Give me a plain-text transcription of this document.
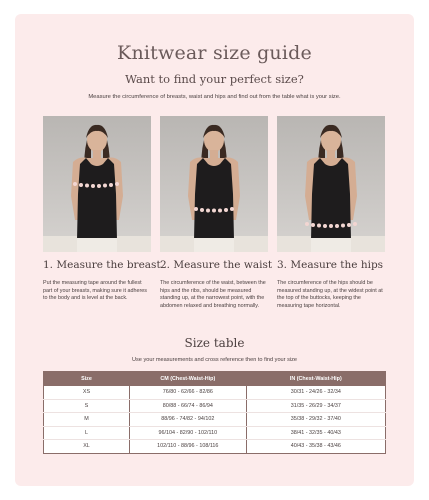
Knitwear size guide
Want to find your perfect size?
Measure the circumference of breasts, waist and hips and find out from the table what is your size.
1. Measure the breast
Put the measuring tape around the fullest part of your breasts, making sure it adheres to the body and is level at the back.
2. Measure the waist
The circumference of the waist, between the hips and the ribs, should be measured standing up, at the narrowest point, with the abdomen relaxed and breathing normally.
3. Measure the hips
The circumference of the hips should be measured standing up, at the widest point at the top of the buttocks, keeping the measuring tape horizontal.
Size table
Use your measurements and cross reference then to find your size
Size	CM (Chest-Waist-Hip)	IN (Chest-Waist-Hip)
XS	76/80 - 62/66 - 82/86	30/31 - 24/26 - 32/34
S	80/88 - 66/74 - 86/94	31/35 - 26/29 - 34/37
M	88/96 - 74/82 - 94/102	35/38 - 29/32 - 37/40
L	96/104 - 82/90 - 102/110	38/41 - 32/35 - 40/43
XL	102/110 - 88/96 - 108/116	40/43 - 35/38 - 43/46
